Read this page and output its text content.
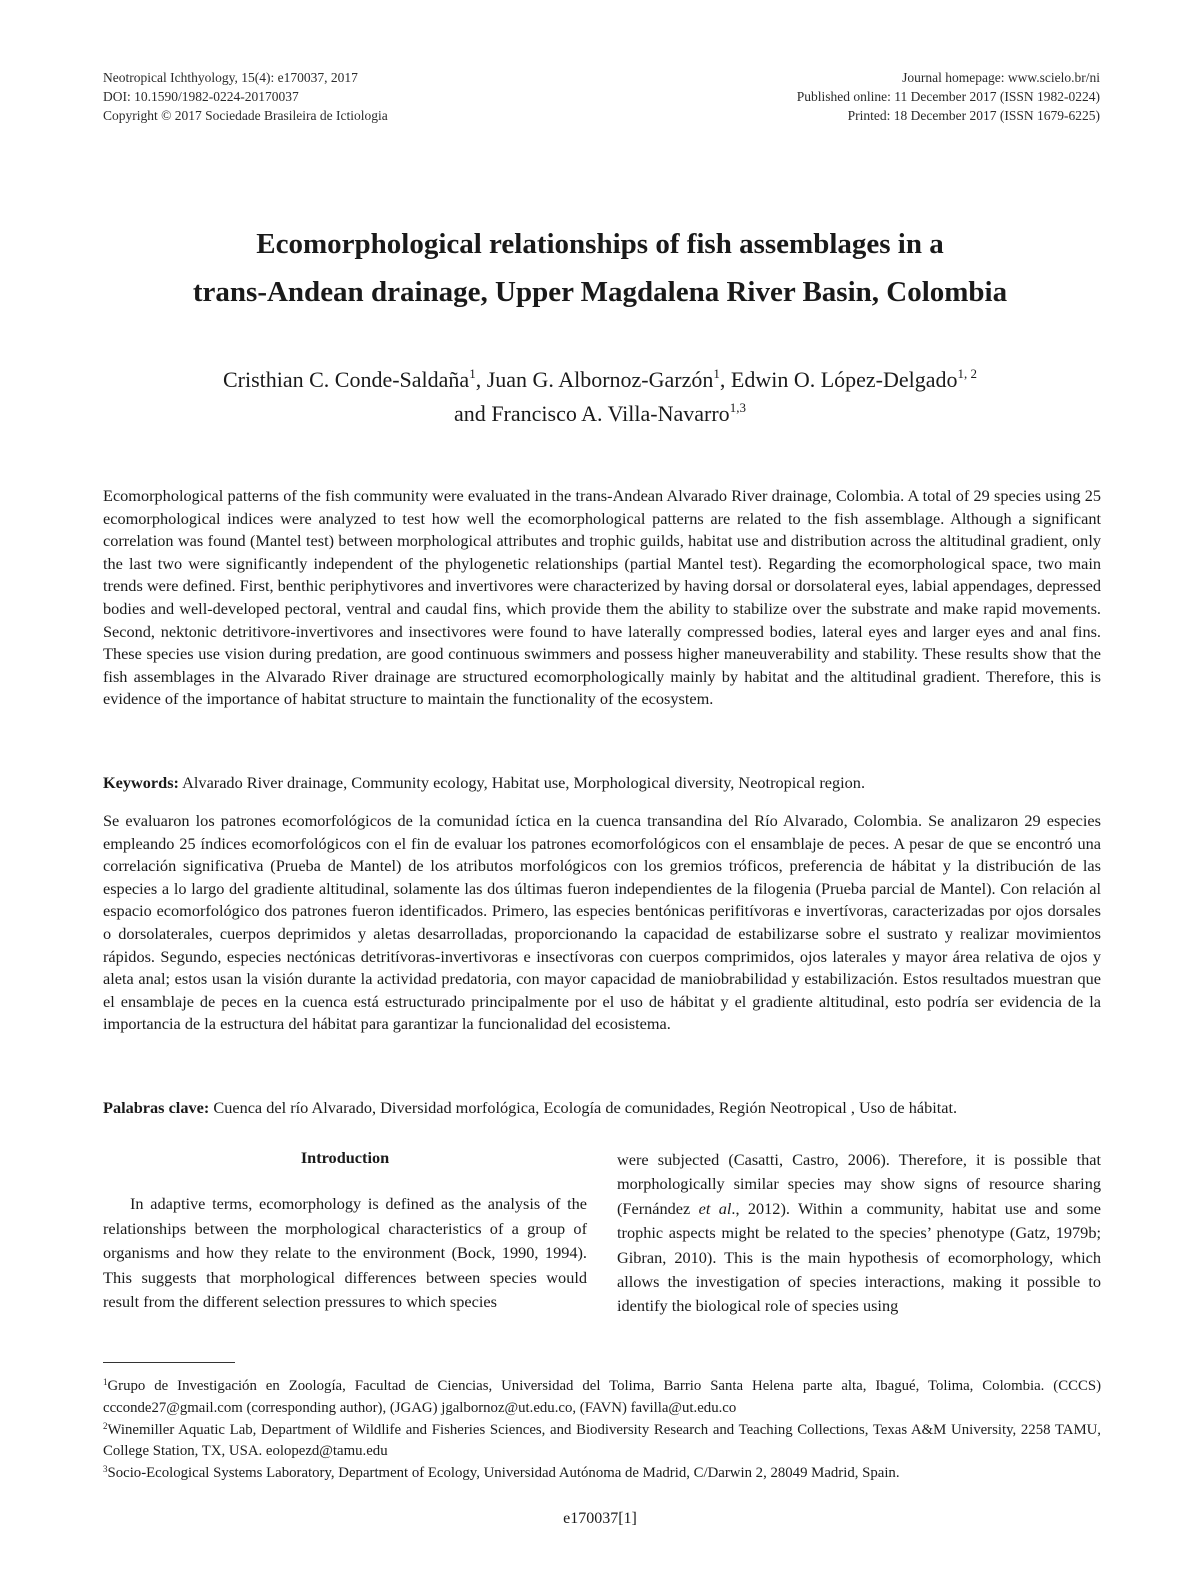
Neotropical Ichthyology, 15(4): e170037, 2017
DOI: 10.1590/1982-0224-20170037
Copyright © 2017 Sociedade Brasileira de Ictiologia
Journal homepage: www.scielo.br/ni
Published online: 11 December 2017 (ISSN 1982-0224)
Printed: 18 December 2017 (ISSN 1679-6225)
Ecomorphological relationships of fish assemblages in a
trans-Andean drainage, Upper Magdalena River Basin, Colombia
Cristhian C. Conde-Saldaña$^1$, Juan G. Albornoz-Garzón$^1$, Edwin O. López-Delgado$^{1, 2}$
and Francisco A. Villa-Navarro$^{1,3}$
Ecomorphological patterns of the fish community were evaluated in the trans-Andean Alvarado River drainage, Colombia. A total of 29 species using 25 ecomorphological indices were analyzed to test how well the ecomorphological patterns are related to the fish assemblage. Although a significant correlation was found (Mantel test) between morphological attributes and trophic guilds, habitat use and distribution across the altitudinal gradient, only the last two were significantly independent of the phylogenetic relationships (partial Mantel test). Regarding the ecomorphological space, two main trends were defined. First, benthic periphytivores and invertivores were characterized by having dorsal or dorsolateral eyes, labial appendages, depressed bodies and well-developed pectoral, ventral and caudal fins, which provide them the ability to stabilize over the substrate and make rapid movements. Second, nektonic detritivore-invertivores and insectivores were found to have laterally compressed bodies, lateral eyes and larger eyes and anal fins. These species use vision during predation, are good continuous swimmers and possess higher maneuverability and stability. These results show that the fish assemblages in the Alvarado River drainage are structured ecomorphologically mainly by habitat and the altitudinal gradient. Therefore, this is evidence of the importance of habitat structure to maintain the functionality of the ecosystem.
Keywords: Alvarado River drainage, Community ecology, Habitat use, Morphological diversity, Neotropical region.
Se evaluaron los patrones ecomorfológicos de la comunidad íctica en la cuenca transandina del Río Alvarado, Colombia. Se analizaron 29 especies empleando 25 índices ecomorfológicos con el fin de evaluar los patrones ecomorfológicos con el ensamblaje de peces. A pesar de que se encontró una correlación significativa (Prueba de Mantel) de los atributos morfológicos con los gremios tróficos, preferencia de hábitat y la distribución de las especies a lo largo del gradiente altitudinal, solamente las dos últimas fueron independientes de la filogenia (Prueba parcial de Mantel). Con relación al espacio ecomorfológico dos patrones fueron identificados. Primero, las especies bentónicas perifitívoras e invertívoras, caracterizadas por ojos dorsales o dorsolaterales, cuerpos deprimidos y aletas desarrolladas, proporcionando la capacidad de estabilizarse sobre el sustrato y realizar movimientos rápidos. Segundo, especies nectónicas detritívoras-invertivoras e insectívoras con cuerpos comprimidos, ojos laterales y mayor área relativa de ojos y aleta anal; estos usan la visión durante la actividad predatoria, con mayor capacidad de maniobrabilidad y estabilización. Estos resultados muestran que el ensamblaje de peces en la cuenca está estructurado principalmente por el uso de hábitat y el gradiente altitudinal, esto podría ser evidencia de la importancia de la estructura del hábitat para garantizar la funcionalidad del ecosistema.
Palabras clave: Cuenca del río Alvarado, Diversidad morfológica, Ecología de comunidades, Región Neotropical , Uso de hábitat.
Introduction

In adaptive terms, ecomorphology is defined as the analysis of the relationships between the morphological characteristics of a group of organisms and how they relate to the environment (Bock, 1990, 1994). This suggests that morphological differences between species would result from the different selection pressures to which species

were subjected (Casatti, Castro, 2006). Therefore, it is possible that morphologically similar species may show signs of resource sharing (Fernández et al., 2012). Within a community, habitat use and some trophic aspects might be related to the species’ phenotype (Gatz, 1979b; Gibran, 2010). This is the main hypothesis of ecomorphology, which allows the investigation of species interactions, making it possible to identify the biological role of species using

$^1$Grupo de Investigación en Zoología, Facultad de Ciencias, Universidad del Tolima, Barrio Santa Helena parte alta, Ibagué, Tolima, Colombia. (CCCS) ccconde27@gmail.com (corresponding author), (JGAG) jgalbornoz@ut.edu.co, (FAVN) favilla@ut.edu.co

$^2$Winemiller Aquatic Lab, Department of Wildlife and Fisheries Sciences, and Biodiversity Research and Teaching Collections, Texas A&M University, 2258 TAMU, College Station, TX, USA. eolopezd@tamu.edu

$^3$Socio-Ecological Systems Laboratory, Department of Ecology, Universidad Autónoma de Madrid, C/Darwin 2, 28049 Madrid, Spain.

e170037[1]
